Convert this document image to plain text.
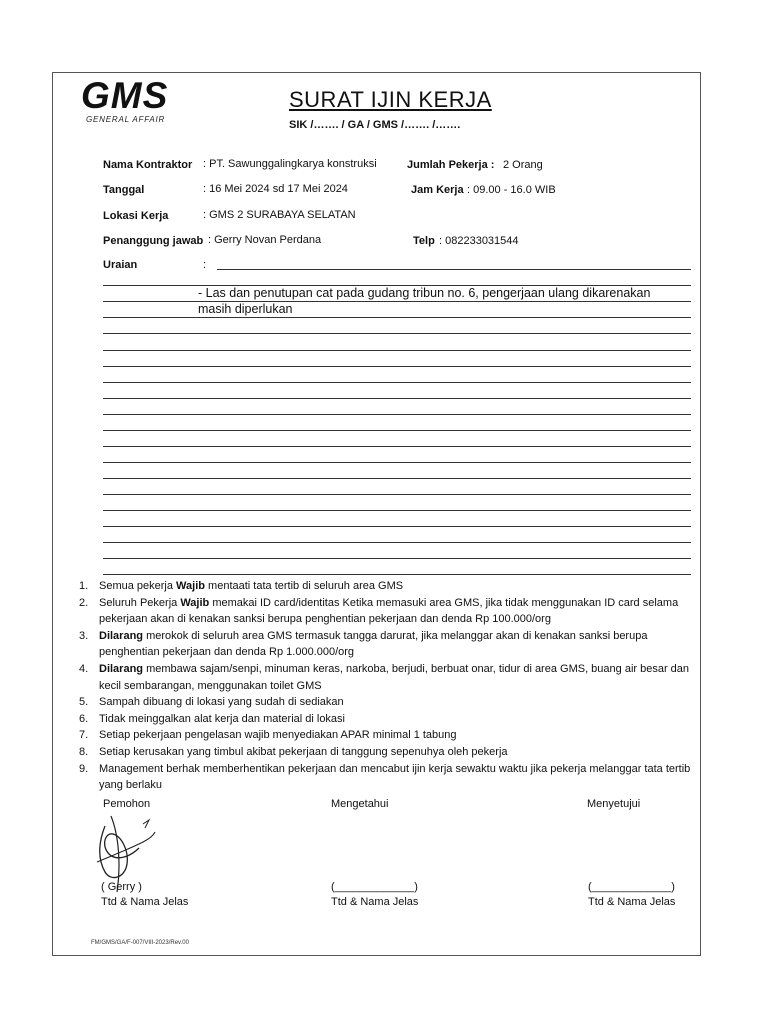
GMS
GENERAL AFFAIR
SURAT IJIN KERJA
SIK /……. / GA / GMS /……. /…….
Nama Kontraktor : PT. Sawunggalingkarya konstruksi	Jumlah Pekerja : 2 Orang
Tanggal	: 16 Mei 2024 sd 17 Mei 2024	Jam Kerja : 09.00 - 16.0 WIB
Lokasi Kerja	: GMS 2 SURABAYA SELATAN
Penanggung jawab : Gerry Novan Perdana	Telp : 082233031544
Uraian	:
- Las dan penutupan cat pada gudang tribun no. 6, pengerjaan ulang dikarenakan
masih diperlukan
1. Semua pekerja Wajib mentaati tata tertib di seluruh area GMS
2. Seluruh Pekerja Wajib memakai ID card/identitas Ketika memasuki area GMS, jika tidak menggunakan ID card selama pekerjaan akan di kenakan sanksi berupa penghentian pekerjaan dan denda Rp 100.000/org
3. Dilarang merokok di seluruh area GMS termasuk tangga darurat, jika melanggar akan di kenakan sanksi berupa penghentian pekerjaan dan denda Rp 1.000.000/org
4. Dilarang membawa sajam/senpi, minuman keras, narkoba, berjudi, berbuat onar, tidur di area GMS, buang air besar dan kecil sembarangan, menggunakan toilet GMS
5. Sampah dibuang di lokasi yang sudah di sediakan
6. Tidak meinggalkan alat kerja dan material di lokasi
7. Setiap pekerjaan pengelasan wajib menyediakan APAR minimal 1 tabung
8. Setiap kerusakan yang timbul akibat pekerjaan di tanggung sepenuhya oleh pekerja
9. Management berhak memberhentikan pekerjaan dan mencabut ijin kerja sewaktu waktu jika pekerja melanggar tata tertib yang berlaku
Pemohon	Mengetahui	Menyetujui
( Gerry )	(_____________)	(_____________)
Ttd & Nama Jelas	Ttd & Nama Jelas	Ttd & Nama Jelas
FM/GMS/GA/F-007/VIII-2023/Rev.00
